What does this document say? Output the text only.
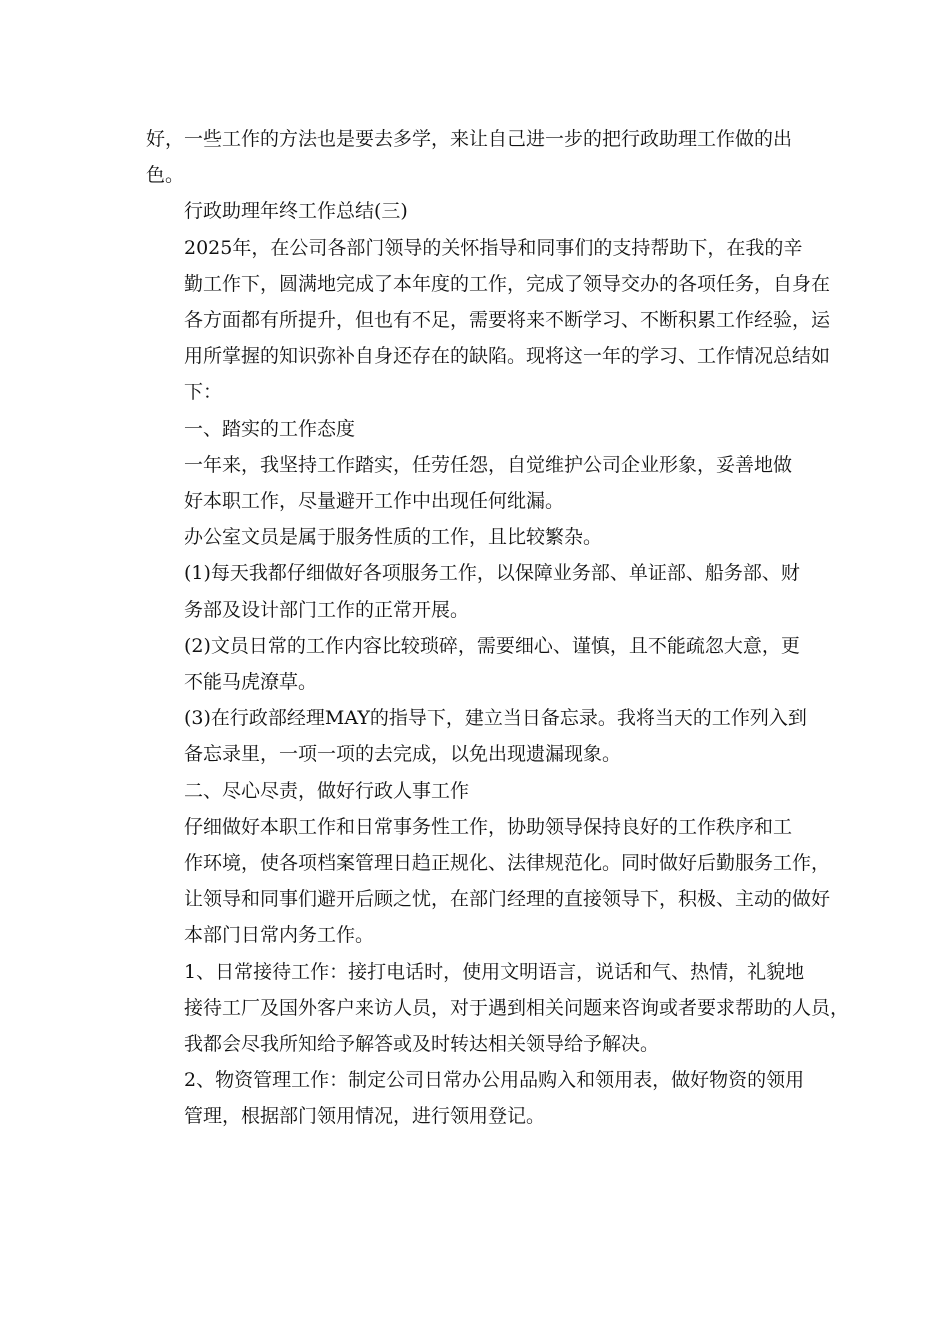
好，一些工作的方法也是要去多学，来让自己进一步的把行政助理工作做的出
色。

行政助理年终工作总结(三)

2025年，在公司各部门领导的关怀指导和同事们的支持帮助下，在我的辛
勤工作下，圆满地完成了本年度的工作，完成了领导交办的各项任务，自身在
各方面都有所提升，但也有不足，需要将来不断学习、不断积累工作经验，运
用所掌握的知识弥补自身还存在的缺陷。现将这一年的学习、工作情况总结如
下：

一、踏实的工作态度

一年来，我坚持工作踏实，任劳任怨，自觉维护公司企业形象，妥善地做
好本职工作，尽量避开工作中出现任何纰漏。

办公室文员是属于服务性质的工作，且比较繁杂。

(1)每天我都仔细做好各项服务工作，以保障业务部、单证部、船务部、财
务部及设计部门工作的正常开展。

(2)文员日常的工作内容比较琐碎，需要细心、谨慎，且不能疏忽大意，更
不能马虎潦草。

(3)在行政部经理MAY的指导下，建立当日备忘录。我将当天的工作列入到
备忘录里，一项一项的去完成，以免出现遗漏现象。

二、尽心尽责，做好行政人事工作

仔细做好本职工作和日常事务性工作，协助领导保持良好的工作秩序和工
作环境，使各项档案管理日趋正规化、法律规范化。同时做好后勤服务工作，
让领导和同事们避开后顾之忧，在部门经理的直接领导下，积极、主动的做好
本部门日常内务工作。

1、日常接待工作：接打电话时，使用文明语言，说话和气、热情，礼貌地
接待工厂及国外客户来访人员，对于遇到相关问题来咨询或者要求帮助的人员，
我都会尽我所知给予解答或及时转达相关领导给予解决。

2、物资管理工作：制定公司日常办公用品购入和领用表，做好物资的领用
管理，根据部门领用情况，进行领用登记。
